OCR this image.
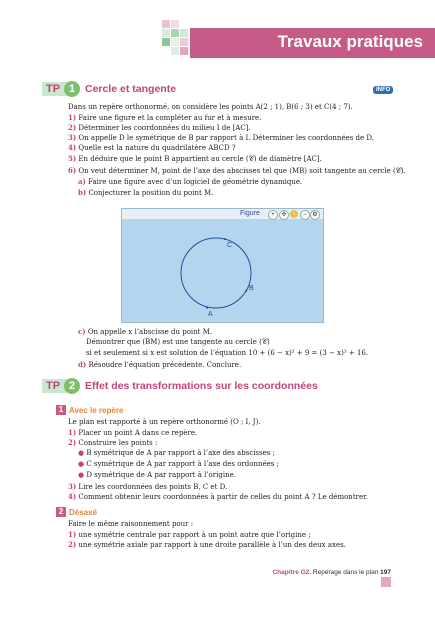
Travaux pratiques
TP 1 Cercle et tangente	INFO
Dans un repère orthonormé, on considère les points A(2 ; 1), B(6 ; 3) et C(4 ; 7).
1) Faire une figure et la compléter au fur et à mesure.
2) Déterminer les coordonnées du milieu I de [AC].
3) On appelle D le symétrique de B par rapport à I. Déterminer les coordonnées de D.
4) Quelle est la nature du quadrilatère ABCD ?
5) En déduire que le point B appartient au cercle (𝒞) de diamètre [AC].
6) On veut déterminer M, point de l’axe des abscisses tel que (MB) soit tangente au cercle (𝒞).
a) Faire une figure avec d’un logiciel de géométrie dynamique.
b) Conjecturer la position du point M.
Figure	+	✣	i	− ⚙
A
B
C
c) On appelle x l’abscisse du point M.
Démontrer que (BM) est une tangente au cercle (𝒞)
si et seulement si x est solution de l’équation 10 + (6 − x)² + 9 = (3 − x)² + 16.
d) Résoudre l’équation précédente. Conclure.
TP 2 Effet des transformations sur les coordonnées
1 Avec le repère
Le plan est rapporté à un repère orthonormé (O ; I, J).
1) Placer un point A dans ce repère.
2) Construire les points :
● B symétrique de A par rapport à l’axe des abscisses ;
● C symétrique de A par rapport à l’axe des ordonnées ;
● D symétrique de A par rapport à l’origine.
3) Lire les coordonnées des points B, C et D.
4) Comment obtenir leurs coordonnées à partir de celles du point A ? Le démontrer.
2 Désaxé
Faire le même raisonnement pour :
1) une symétrie centrale par rapport à un point autre que l’origine ;
2) une symétrie axiale par rapport à une droite parallèle à l’un des deux axes.
Chapitre G2. Repérage dans le plan 197
